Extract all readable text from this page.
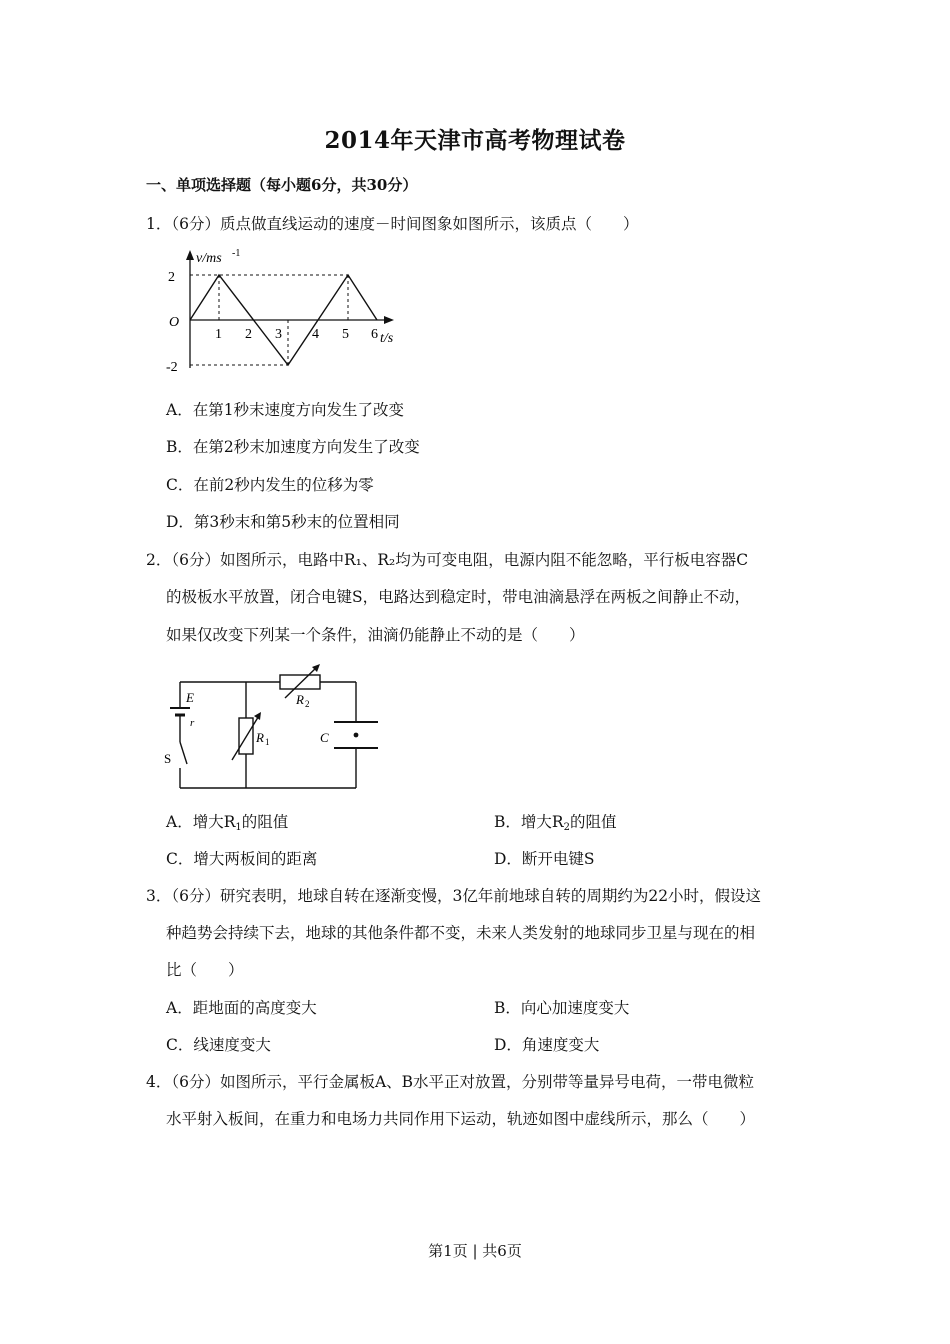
2014年天津市高考物理试卷
一、单项选择题（每小题6分，共30分）
1．（6分）质点做直线运动的速度－时间图象如图所示，该质点（　　）
v/ms -1
2
O
-2
1 2 3 4 5 6 t/s
A．在第1秒末速度方向发生了改变
B．在第2秒末加速度方向发生了改变
C．在前2秒内发生的位移为零
D．第3秒末和第5秒末的位置相同
2．（6分）如图所示，电路中R₁、R₂均为可变电阻，电源内阻不能忽略，平行板电容器C
的极板水平放置，闭合电键S，电路达到稳定时，带电油滴悬浮在两板之间静止不动，
如果仅改变下列某一个条件，油滴仍能静止不动的是（　　）
E
r
S
R 1
R 2
C
A．增大$R_1$的阻值	B．增大$R_2$的阻值
C．增大两板间的距离	D．断开电键S
3．（6分）研究表明，地球自转在逐渐变慢，3亿年前地球自转的周期约为22小时，假设这
种趋势会持续下去，地球的其他条件都不变，未来人类发射的地球同步卫星与现在的相
比（　　）
A．距地面的高度变大	B．向心加速度变大
C．线速度变大	D．角速度变大
4．（6分）如图所示，平行金属板A、B水平正对放置，分别带等量异号电荷，一带电微粒
水平射入板间，在重力和电场力共同作用下运动，轨迹如图中虚线所示，那么（　　）
第1页 | 共6页
